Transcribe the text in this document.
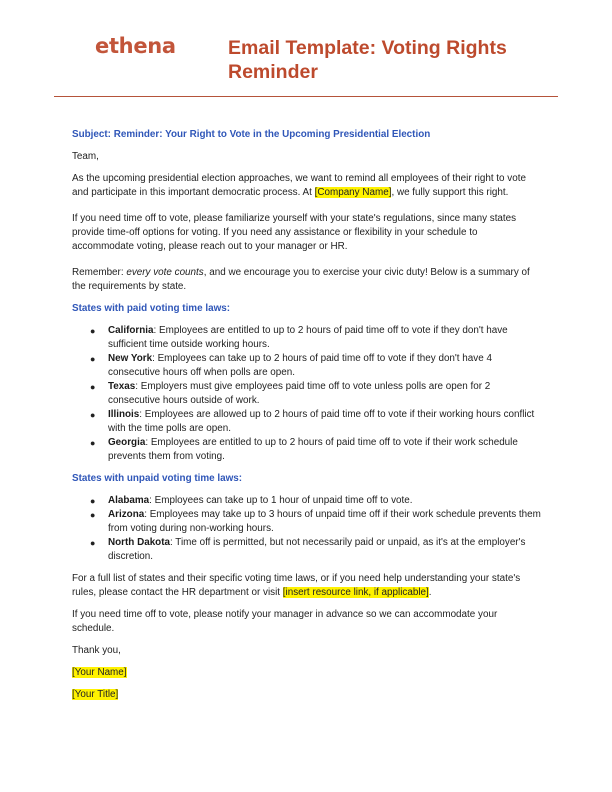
ethena	Email Template: Voting Rights Reminder

Subject: Reminder: Your Right to Vote in the Upcoming Presidential Election

Team,

As the upcoming presidential election approaches, we want to remind all employees of their right to vote and participate in this important democratic process. At [Company Name], we fully support this right.

If you need time off to vote, please familiarize yourself with your state's regulations, since many states provide time-off options for voting. If you need any assistance or flexibility in your schedule to accommodate voting, please reach out to your manager or HR.

Remember: every vote counts, and we encourage you to exercise your civic duty! Below is a summary of the requirements by state.

States with paid voting time laws:

● California: Employees are entitled to up to 2 hours of paid time off to vote if they don't have sufficient time outside working hours.
● New York: Employees can take up to 2 hours of paid time off to vote if they don't have 4 consecutive hours off when polls are open.
● Texas: Employers must give employees paid time off to vote unless polls are open for 2 consecutive hours outside of work.
● Illinois: Employees are allowed up to 2 hours of paid time off to vote if their working hours conflict with the time polls are open.
● Georgia: Employees are entitled to up to 2 hours of paid time off to vote if their work schedule prevents them from voting.

States with unpaid voting time laws:

● Alabama: Employees can take up to 1 hour of unpaid time off to vote.
● Arizona: Employees may take up to 3 hours of unpaid time off if their work schedule prevents them from voting during non-working hours.
● North Dakota: Time off is permitted, but not necessarily paid or unpaid, as it's at the employer's discretion.

For a full list of states and their specific voting time laws, or if you need help understanding your state's rules, please contact the HR department or visit [insert resource link, if applicable].

If you need time off to vote, please notify your manager in advance so we can accommodate your schedule.

Thank you,

[Your Name]

[Your Title]
